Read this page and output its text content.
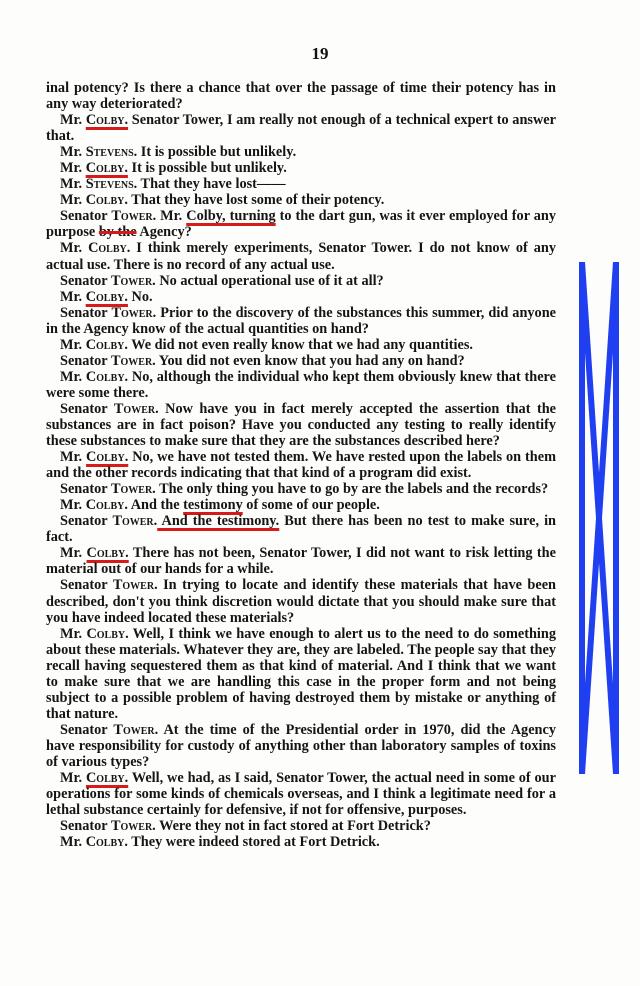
19

inal potency? Is there a chance that over the passage of time their potency has in any way deteriorated?

Mr. Colby. Senator Tower, I am really not enough of a technical expert to answer that.

Mr. Stevens. It is possible but unlikely.

Mr. Colby. It is possible but unlikely.

Mr. Stevens. That they have lost——

Mr. Colby. That they have lost some of their potency.

Senator Tower. Mr. Colby, turning to the dart gun, was it ever employed for any purpose by the Agency?

Mr. Colby. I think merely experiments, Senator Tower. I do not know of any actual use. There is no record of any actual use.

Senator Tower. No actual operational use of it at all?

Mr. Colby. No.

Senator Tower. Prior to the discovery of the substances this summer, did anyone in the Agency know of the actual quantities on hand?

Mr. Colby. We did not even really know that we had any quantities.

Senator Tower. You did not even know that you had any on hand?

Mr. Colby. No, although the individual who kept them obviously knew that there were some there.

Senator Tower. Now have you in fact merely accepted the assertion that the substances are in fact poison? Have you conducted any testing to really identify these substances to make sure that they are the substances described here?

Mr. Colby. No, we have not tested them. We have rested upon the labels on them and the other records indicating that that kind of a program did exist.

Senator Tower. The only thing you have to go by are the labels and the records?

Mr. Colby. And the testimony of some of our people.

Senator Tower. And the testimony. But there has been no test to make sure, in fact.

Mr. Colby. There has not been, Senator Tower, I did not want to risk letting the material out of our hands for a while.

Senator Tower. In trying to locate and identify these materials that have been described, don't you think discretion would dictate that you should make sure that you have indeed located these materials?

Mr. Colby. Well, I think we have enough to alert us to the need to do something about these materials. Whatever they are, they are labeled. The people say that they recall having sequestered them as that kind of material. And I think that we want to make sure that we are handling this case in the proper form and not being subject to a possible problem of having destroyed them by mistake or anything of that nature.

Senator Tower. At the time of the Presidential order in 1970, did the Agency have responsibility for custody of anything other than laboratory samples of toxins of various types?

Mr. Colby. Well, we had, as I said, Senator Tower, the actual need in some of our operations for some kinds of chemicals overseas, and I think a legitimate need for a lethal substance certainly for defensive, if not for offensive, purposes.

Senator Tower. Were they not in fact stored at Fort Detrick?

Mr. Colby. They were indeed stored at Fort Detrick.
